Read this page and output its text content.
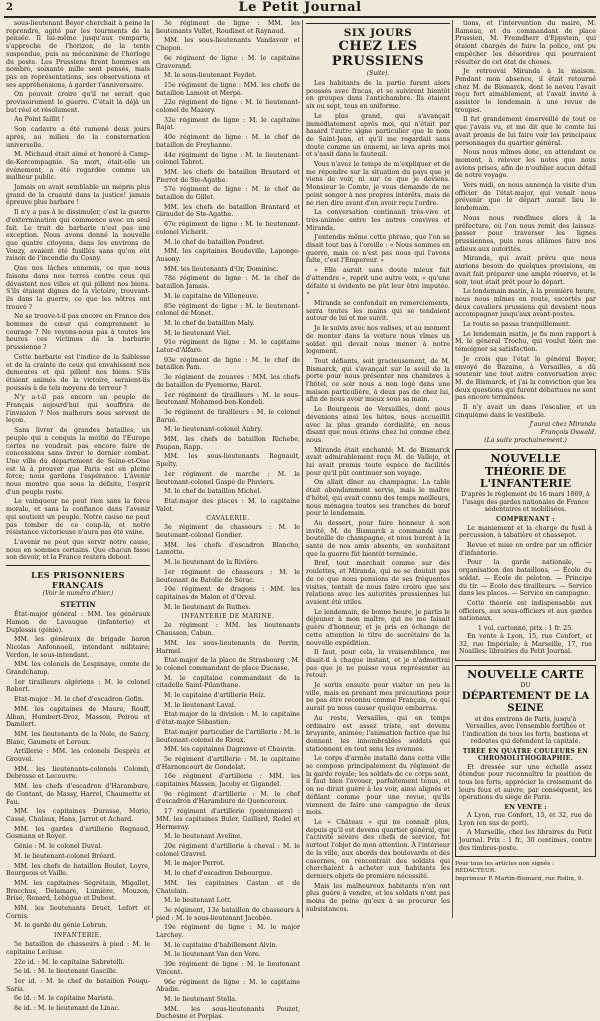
2	Le Petit Journal

sous-lieutenant Beyer cherchait à peine la reprendre, agité par les tourments de la pensée. Il lui-même jusqu'aux remparts, s'approche de l'horizon, de la tente suspendue, puis au mécanisme de l'horloge du poste. Les Prussiens firent hommes en nombre, soixante mille sont pensés, mais pas en représentations, ses observations et ses appréhensions, à garder l'anniversaire.

On pouvait croire qu'il ne serait que provisoirement le guerre. C'était là déjà un but réel et résolument.

Au Point faillit !

Son cadavre a été ramené deux jours après, au milieu de la consternation universelle.

M. Michaud était aimé et honoré à Camp-de-Kercompagnie. Sa mort, était-elle un événement, a été regardée comme un malheur public.

Jamais on avait semblable un mépris plus grand de la cruauté dans la justice! jamais épreuve plus barbare !

Il n'y a pas à le dissimuler, c'est la guerre d'extermination qui commence avec un seul fait. Le trait de barbarie n'est pas une exception. Nous avons donné la nouvelle que quatre citoyens, dans les environs de Vouzy, avaient été fusillés sans qu'on eût raison de l'incendie du Cosny.

Que nos lâches ennemis, ce que nous faisons dans nos terres contre ceux qui dévastent nos villes et qui pillent nos biens. S'ils étaient dignes de la victoire, trouvant-ils dans la guerre, ce que les nôtres ont trouvé ?

Ne se trouve-t-il pas encore en France des hommes de cœur qui comprennent le courage ? Ne voyons-nous pas à toutes les heures ces victimes de la barbarie prussienne ?

Cette barbarie est l'indice de la faiblesse et de la crainte de ceux qui envahissent nos demeures et qui pillent nos biens. S'ils étaient animés de la victoire, seraient-ils poussés à de tels moyens de terreur ?

N'y a-t-il pas encore un peuple de Français aujourd'hui qui souffrira de l'invasion ? Nos malheurs nous servent de leçon.

Sans livrer de grandes batailles, un peuple qui a conquis la moitié de l'Europe certes ne voudrait pas encore faire de concessions sans livrer le dernier combat. Une ville du département de Seine-et-Oise est là à prouver que Paris est en pleine force; nous gardons l'espérance. L'avenir nous montre que sous la défaite, l'esprit d'un peuple reste.

Le vainqueur ne peut rien sans la force morale, et sans la confiance dans l'avenir qui soutient un peuple. Notre cause ne peut pas tomber de ce coup-là, et notre résistance victorieuse n'aura pas été vaine.

L'avenir ne peut que servir notre cause, nous en sommes certains. Que chacun fasse son devoir, et la France restera debout.

LES PRISONNIERS FRANÇAIS
(Voir le numéro d'hier.)
STETTIN

État-major général : MM. les généraux Hamon de Lavaugue (infanterie) et Duplessis (génie).

MM. les généraux de brigade baron Nicolas Anfonnaeil, intendant militaire; Verdon, le sous-intendant.

MM. les colonels de Lespinaye, comte de Grandchamp.

1er tirailleurs algériens : M. le colonel Robert.

Etat-major : M. le chef d'escadron Gofin.

MM. les capitaines de Maure, Rouff, Alban, Humbert-Droz, Masson, Poirou et Damilert.

MM. les lieutenants de la Nole, de Sancy, Blanc, Gaumets et Leroux.

Artillerie : MM. les colonels Despréz et Grouvel.

MM. les lieutenants-colonels Colomb, Debrosse et Lecouvre.

MM. les chefs d'escadron d'Harambure, de Contant, de Massy, Harrel, Chaumette et Fau.

MM. les capitaines Durasse, Morio, Cassé, Chalaux, Hans, Jarrot et Achard.

MM. les gardes d'artillerie Regnaud, Gosmann et Royer.

Génie : M. le colonel Duval.

M. le lieutenant-colonel Bréard.

MM. les chefs de bataillon Boulet, Loyre, Bourgeois et Vaille.

MM. les capitaines Ségrétain, Migallet, Brocchus, Delamare, Lumière, Mouzon, Brisé, Renard, Lebègue et Dubost.

MM. les lieutenants Druet, Lefort et Cornis.

M. le garde du génie Lebrun.

INFANTERIE.

5e bataillon de chasseurs à pied : M. le capitaine Lecluse.

22e id. : M. le capitaine Sabretelli.

5e id. : M. le lieutenant Gascille.

1er id. : M. le chef de bataillon Fouqu-Saria.

6e id. : M. le capitaine Mariste.

8e id. : M. le lieutenant de Linac.

3e régiment de ligne : MM. les lieutenants Vullet, Roudinet et Raynaud.

MM. les sous-lieutenants Vandavoir et Chopon.

6e régiment de ligne : M. le capitaine Graverand.

M. le sous-lieutenant Feydet.

15e régiment de ligne : MM. les chefs de bataillon Lamost et Merpé.

22e régiment de ligne : M. le lieutenant-colonel de Mazery.

32e régiment de ligne : M. le capitaine Rajat.

40e régiment de ligne : M. le chef de bataillon de Freyhanne.

44e régiment de ligne : M. le lieutenant-colonel Tabrot.

MM. les chefs de bataillon Brautard et Pierrot de Ste-Agathe.

57e régiment de ligne : M. le chef de bataillon de Gillet.

MM. les chefs de bataillon Brantard et Giraudet de Ste-Agathe.

67e régiment de ligne : M. le lieutenant-colonel Vicherit.

M. le chef de bataillon Poudret.

MM. les capitaines Boudeville, Laponge-Ausony.

MM. les lieutenants d'Or, Dominisc.

78e régiment de ligne : M. le chef de bataillon Jamais.

M. le capitaine de Villeneuve.

85e régiment de ligne : M. le lieutenant-colonel de Monet.

M. le chef de bataillon Maly.

M. le lieutenant Viel.

91e régiment de ligne : M. le capitaine Lator-d'Alfaro.

93e régiment de ligne : M. le chef de bataillon Pam.

3e régiment de zouaves : MM. les chefs de bataillon de Pyemorne, Harel.

1er régiment de tirailleurs : M. le sous-lieutenant Mohamed-ben-Kondeli.

3e régiment de tirailleurs : M. le colonel Barué.

M. le lieutenant-colonel Aubry.

MM. les chefs de bataillon Richebe, Paupan, Rapp.

MM. les sous-lieutenants Regnault, Spelty.

1er régiment de marche : M. le lieutenant-colonel Gaspé de Pluviers.

M. le chef de bataillon Michel.

Etat-major des places : M. le capitaine Valot.

CAVALERIE.

3e régiment de chasseurs : M. le lieutenant-colonel Gondier.

MM. les chefs d'escadron Blancho, Lamotte.

M. le lieutenant de la Rivière.

1er régiment de chasseurs : M. le lieutenant de Batolie de Sérac.

10e régiment de dragons : MM. les capitaines de Malon et d'Orval.

M. le lieutenant de Ruthes.

INFANTERIE DE MARINE.

2e régiment : MM. les lieutenants Chausson, Cabun.

MM. les sous-lieutenants de Perrin, Harmel.

Etat-major de la place de Strasbourg : M. le colonel commandant de place Ducasse.

M. le capitaine commandant de la citadelle Saint-Pilanthane.

M. le capitaine d'artillerie Heiz.

M. le lieutenant Laval.

Etat-major de la division : M. le capitaine d'état-major Sébastien.

Etat-major particulier de l'artillerie : M. le lieutenant-colonel de Rioux.

MM. les capitaines Dagrenve et Chauvin.

5e régiment d'artillerie : M. le capitaine d'Harnoncourt de Gondelat.

16e régiment d'artillerie : MM. les capitaines Massen, Jacoby et Gigandel.

9e régiment d'artillerie : M. le chef d'escadron d'Harambure de Quenceroux.

17 régiment d'artillerie (pontonniers) : MM. les capitaines Buler, Gaillard, Redel et Hermeray.

M. le lieutenant Aveline.

20e régiment d'artillerie à cheval : M. le colonel Gravrel.

M. le major Perrot.

M. le chef d'escadron Debourgue.

MM. les capitaines Castan et de Chatelain.

M. le lieutenant Lott.

3e régiment, 13e bataillon de chasseurs à pied : M. le sous-lieutenant Jacobée.

19e régiment de ligne : M. le major Larchey.

M. le capitaine d'habillement Alvin.

M. le lieutenant Van den Vere.

39e régiment de ligne : M. le lieutenant Vincent.

96e régiment de ligne : M. le capitaine Abadie.

M. le lieutenant Stella.

MM. les sous-lieutenants Pouzet, Duchesne et Porpias.

SIX JOURS
CHEZ LES PRUSSIENS
(Suite).

Les habitants de la partie furent alors poussés avec fracas, et se suivirent bientôt en groupes dans l'antichambre. Ils étaient six ou sept, tous en uniforme.

Le plus grand, qui s'avançait immédiatement après moi, qui n'était par hasard l'autre signe particulier que le nom de Saint-Jean, et qu'il me regardait sans doute comme un ennemi, se leva après moi et s'assit dans le fauteuil.

Vous n'avez le temps de m'expliquer et de me répondre sur la situation du pays que je viens de voir, ni sur ce que je deviens. Monsieur le Comte, je vous demande de ne point songer à nos propres intérêts, mais de ne rien dire avant d'en avoir reçu l'ordre.

La conversation continuait très-vive et très-animée entre les autres convives et Miranda.

J'entendis même cette phrase, que l'on se disait tout bas à l'oreille : « Nous sommes en guerre, mais ce n'est pas nous qui l'avons faite, c'est l'Empereur. »

« Elle aurait sans doute mieux fait d'attendre », reprit une autre voix, « qu'une défaite si évidente ne pût leur être imputée. »

Miranda se confondait en remerciements, serra toutes les mains qui se tendaient autour de lui et me suivit.

Je le suivis avec nos valises, et au moment de monter dans la voiture nous vîmes un soldat qui devait nous mener à notre logement.

Tout défiants, soit gracieusement, de M. Bismarck, qui s'avançait sur le seuil de la porte pour nous présenter nos chambres à l'hôtel, ce soir nous a non logé dans une maison particulière, à deux pas de chez lui, afin de nous avoir mieux sous sa main.

Le Bourgeois de Versailles, dont nous devenions ainsi les hôtes, nous accueillit avec la plus grande cordialité, en nous disant que nous étions chez lui comme chez nous.

Miranda était enchanté; M. de Bismarck avait admirablement reçu M. de Vallejo, et lui avait promis toute espèce de facilités pour qu'il pût continuer son voyage.

On allait dîner au champagne. La table était abondamment servie, mais le maître d'hôtel, qui avait connu des temps meilleurs, nous ménagea toutes ses tranches de bœuf pour le lendemain.

Au dessert, pour faire honneur à son invité, M. de Bismarck a commandé une bouteille de champagne, et nous burent à la santé de nos amis absents, en souhaitant que la guerre fût bientôt terminée.

Bref, tout marchait comme sur des roulettes, et Miranda, qui ne se doutait pas de ce que nous pensions de ses fréquentes visites, tentait de nous faire croire que ses relations avec les autorités prussiennes lui avaient été utiles.

Le lendemain, de bonne heure, je partis le déjeuner à mon maître, qui ne me faisait guère d'honneur, et je pris en échange de cette attention le titre de secrétaire de la nouvelle expédition.

Il faut, pour cela, la vraisemblance, me disait-il à chaque instant, et je n'admettrai pas que je ne puisse vous représenter au retour.

Je sortis ensuite pour visiter un peu la ville, mais en prenant mes précautions pour ne pas être reconnu comme Français, ce qui aurait pu nous causer quelque embarras.

Au reste, Versailles, qui en temps ordinaire est assez triste, est devenu bruyante, animée; l'animation factice que lui donnent les innombrables soldats qui stationnent en tout sens les avenues.

Le corps d'armée installé dans cette ville se compose principalement du régiment de la garde royale; les soldats de ce corps sont, il faut bien l'avouer, parfaitement tenus, et on ne dirait guère à les voir, ainsi alignés et défilant comme pour une revue, qu'ils viennent de faire une campagne de deux mois.

Le « Château » qui ne connaît plus, depuis qu'il est devenu quartier général, que l'activité sévère des chefs de service, fut surtout l'objet de mon attention. À l'intérieur de la ville, aux abords des boulevards et des casernes, on rencontrait des soldats qui cherchaient à acheter aux habitants les derniers objets de première nécessité.

Mais les malheureux habitants n'en ont plus guère à vendre, et les soldats n'ont pas moins de peine qu'eux à se procurer les subsistances.

tions, et l'intervention du maire, M. Rameau, et du commandant de place Prussien, M. Fremdherr d'Eppstein, qui étaient chargés de faire la police, ont pu empêcher les désordres qui pourraient résulter de cet état de choses.

Je retrouvai Miranda à la maison. Pendant mon absence, il était retourné chez M. de Bismarck, dont le neveu l'avait reçu fort aimablement, et l'avait invité à assister le lendemain à une revue de troupes.

Il fut grandement émerveillé de tout ce que j'avais vu, et me dit que le comte lui avait promis de lui faire voir les principaux personnages du quartier général.

Nous nous mîmes donc, en attendant ce moment, à relever les notes que nous avions prises, afin de n'oublier aucun détail de notre voyage.

Vers midi, on nous annonça la visite d'un officier de l'état-major, qui venait nous prévenir que le départ aurait lieu le lendemain.

Nous nous rendîmes alors à la préfecture, où l'on nous remit des laissez-passer pour traverser les lignes prussiennes, puis nous allâmes faire nos adieux aux autorités.

Miranda, qui avait prévu que nous aurions besoin de quelques provisions, en avait fait préparer une ample réserve, et le soir, tout était prêt pour le départ.

Le lendemain matin, à la première heure, nous nous mîmes en route, escortés par deux cavaliers prussiens qui devaient nous accompagner jusqu'aux avant-postes.

La route se passa tranquillement.

Le lendemain matin, je fis mon rapport à M. le général Trochu, qui voulut bien me témoigner sa satisfaction.

Je crois que l'état le général Boyer, envoyé de Bazaine, à Versailles, a dû soutenir une tout autre conversation avec M. de Bismarck, et j'ai la conviction que les deux questions qui furent débattues ne sont pas encore terminées.

Il n'y avait un dans l'escalier, et un cinquième dans le vestibule.

J'aurai chez Miranda
François Oswald.
(La suite prochainement.)
NOUVELLE
THÉORIE DE L'INFANTERIE
D'après le règlement du 16 mars 1869, à l'usage des gardes nationales de France sédentaires et mobilisées.
COMPRENANT :

Le maniement et la charge du fusil à percussion, à tabatière et chassepot.

Revue et mise en ordre par un officier d'infanterie.

Pour la garde nationale, — organisation des bataillons, — École du soldat. — École de peloton. — Principe du tir. — École des tirailleurs. — Service dans les places. — Service en campagne.

Cette théorie est indispensable aux officiers, aux sous-officiers et aux gardes nationaux.

1 vol. cartonné, prix : 1 fr. 25.

En vente à Lyon, 15, rue Confort, et 32, rue Impériale; à Marseille, 17, rue Noailles; librairies du Petit Journal.

NOUVELLE CARTE
DU
DÉPARTEMENT DE LA SEINE
et des environs de Paris, jusqu'à Versailles, avec l'ensemble fortifiée et l'indication de tous les forts, bastions et redoutes qui défendent la capitale.
TIRÉE EN QUATRE COULEURS EN CHROMOLITHOGRAPHIE.

Et dressée sur une échelle assez étendue pour reconnaître la position de tous les forts, apprécier le croisement de leurs feux et suivre, par conséquent, les opérations du siège de Paris.

EN VENTE :

A Lyon, rue Confort, 15, et 32, rue de Lyon (en sus de port).

A Marseille, chez les libraires du Petit Journal. Prix : 1 fr., 30 centimes, contre des timbres-poste.

Pour tous les articles non signés : RÉDACTEUR.
Imprimeur P. Martin-Bismard, rue Rollin, 9.
